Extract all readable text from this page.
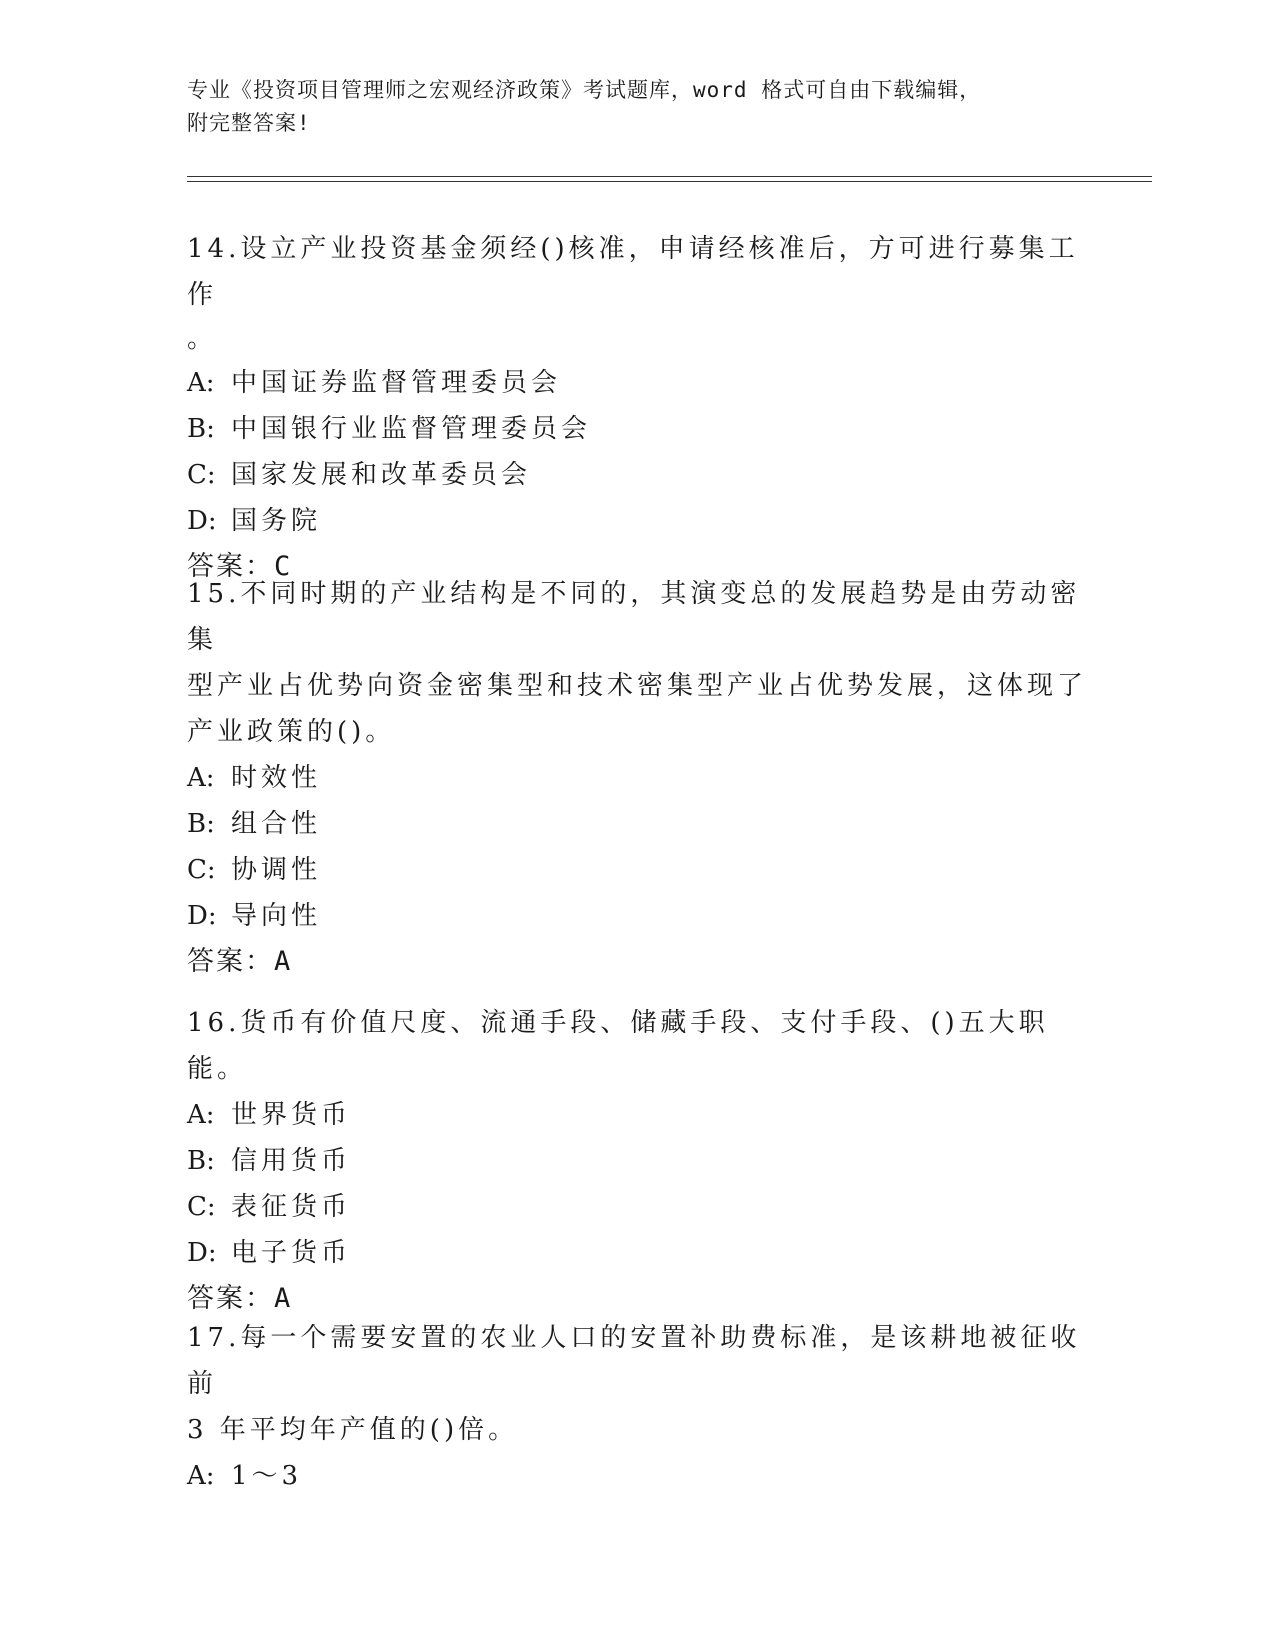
专业《投资项目管理师之宏观经济政策》考试题库，word 格式可自由下载编辑，
附完整答案!
14.设立产业投资基金须经()核准，申请经核准后，方可进行募集工作
。
A: 中国证券监督管理委员会
B: 中国银行业监督管理委员会
C: 国家发展和改革委员会
D: 国务院
答案：C
15.不同时期的产业结构是不同的，其演变总的发展趋势是由劳动密集
型产业占优势向资金密集型和技术密集型产业占优势发展，这体现了
产业政策的()。
A: 时效性
B: 组合性
C: 协调性
D: 导向性
答案：A
16.货币有价值尺度、流通手段、储藏手段、支付手段、()五大职能。
A: 世界货币
B: 信用货币
C: 表征货币
D: 电子货币
答案：A
17.每一个需要安置的农业人口的安置补助费标准，是该耕地被征收前
3 年平均年产值的()倍。
A: 1～3
